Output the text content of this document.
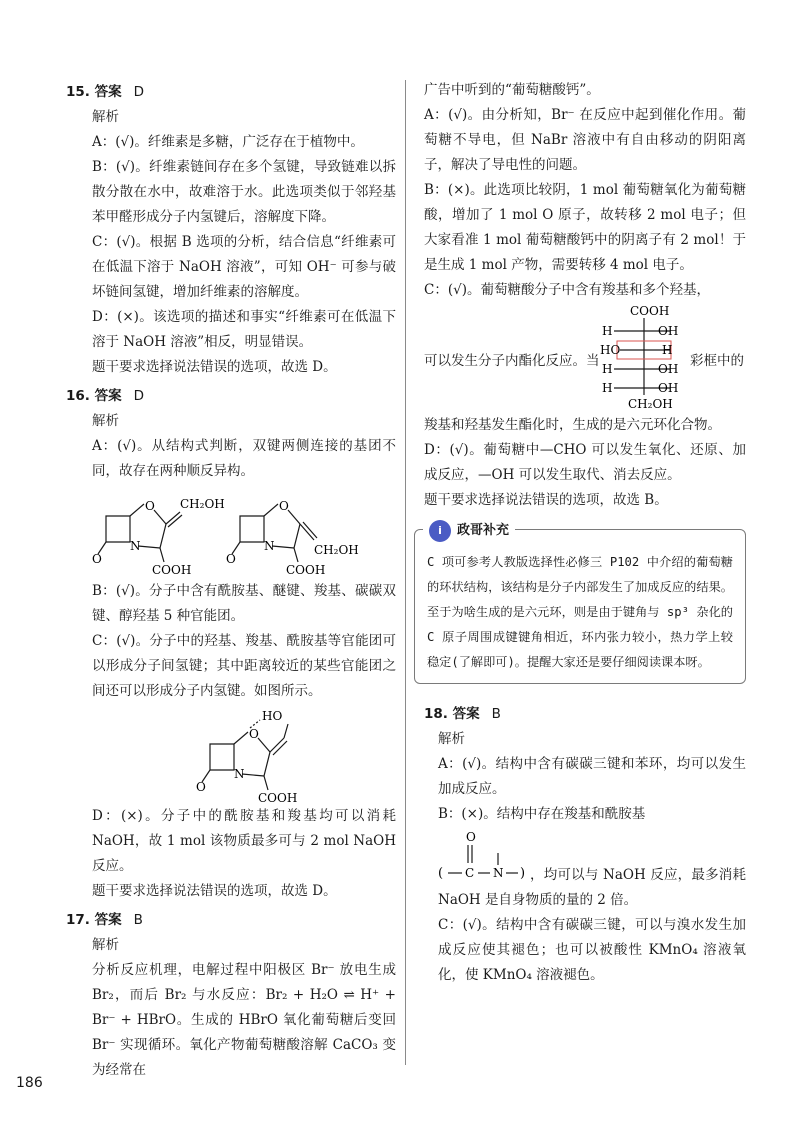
15. 答案 D
解析
A：(√)。纤维素是多糖，广泛存在于植物中。
B：(√)。纤维素链间存在多个氢键，导致链难以拆散分散在水中，故难溶于水。此选项类似于邻羟基苯甲醛形成分子内氢键后，溶解度下降。
C：(√)。根据 B 选项的分析，结合信息“纤维素可在低温下溶于 NaOH 溶液”，可知 OH⁻ 可参与破坏链间氢键，增加纤维素的溶解度。
D：(×)。该选项的描述和事实“纤维素可在低温下溶于 NaOH 溶液”相反，明显错误。
题干要求选择说法错误的选项，故选 D。
16. 答案 D
解析
A：(√)。从结构式判断，双键两侧连接的基团不同，故存在两种顺反异构。
O
N
O
CH₂OH
COOH
O
N
O
CH₂OH
COOH
B：(√)。分子中含有酰胺基、醚键、羧基、碳碳双键、醇羟基 5 种官能团。
C：(√)。分子中的羟基、羧基、酰胺基等官能团可以形成分子间氢键；其中距离较近的某些官能团之间还可以形成分子内氢键。如图所示。
O
N
O
HO
COOH
D：(×)。分子中的酰胺基和羧基均可以消耗 NaOH，故 1 mol 该物质最多可与 2 mol NaOH 反应。
题干要求选择说法错误的选项，故选 D。
17. 答案 B
解析
分析反应机理，电解过程中阳极区 Br⁻ 放电生成 Br₂，而后 Br₂ 与水反应：Br₂ + H₂O ⇌ H⁺ + Br⁻ + HBrO。生成的 HBrO 氧化葡萄糖后变回 Br⁻ 实现循环。氧化产物葡萄糖酸溶解 CaCO₃ 变为经常在
广告中听到的“葡萄糖酸钙”。
A：(√)。由分析知，Br⁻ 在反应中起到催化作用。葡萄糖不导电，但 NaBr 溶液中有自由移动的阴阳离子，解决了导电性的问题。
B：(×)。此选项比较阴，1 mol 葡萄糖氧化为葡萄糖酸，增加了 1 mol O 原子，故转移 2 mol 电子；但大家看准 1 mol 葡萄糖酸钙中的阴离子有 2 mol！于是生成 1 mol 产物，需要转移 4 mol 电子。
C：(√)。葡萄糖酸分子中含有羧基和多个羟基，
可以发生分子内酯化反应。当
COOH
H	OH
HO	H
H	OH
H	OH
CH₂OH
彩框中的
羧基和羟基发生酯化时，生成的是六元环化合物。
D：(√)。葡萄糖中—CHO 可以发生氧化、还原、加成反应，—OH 可以发生取代、消去反应。
题干要求选择说法错误的选项，故选 B。
i	政哥补充
C 项可参考人教版选择性必修三 P102 中介绍的葡萄糖的环状结构，该结构是分子内部发生了加成反应的结果。至于为啥生成的是六元环，则是由于键角与 sp³ 杂化的 C 原子周围成键键角相近，环内张力较小，热力学上较稳定(了解即可)。提醒大家还是要仔细阅读课本呀。
18. 答案 B
解析
A：(√)。结构中含有碳碳三键和苯环，均可以发生加成反应。
B：(×)。结构中存在羧基和酰胺基
(
O
C N ) ，均可以与 NaOH 反应，最多消耗 NaOH 是自身物质的量的 2 倍。
C：(√)。结构中含有碳碳三键，可以与溴水发生加成反应使其褪色；也可以被酸性 KMnO₄ 溶液氧化，使 KMnO₄ 溶液褪色。
186
